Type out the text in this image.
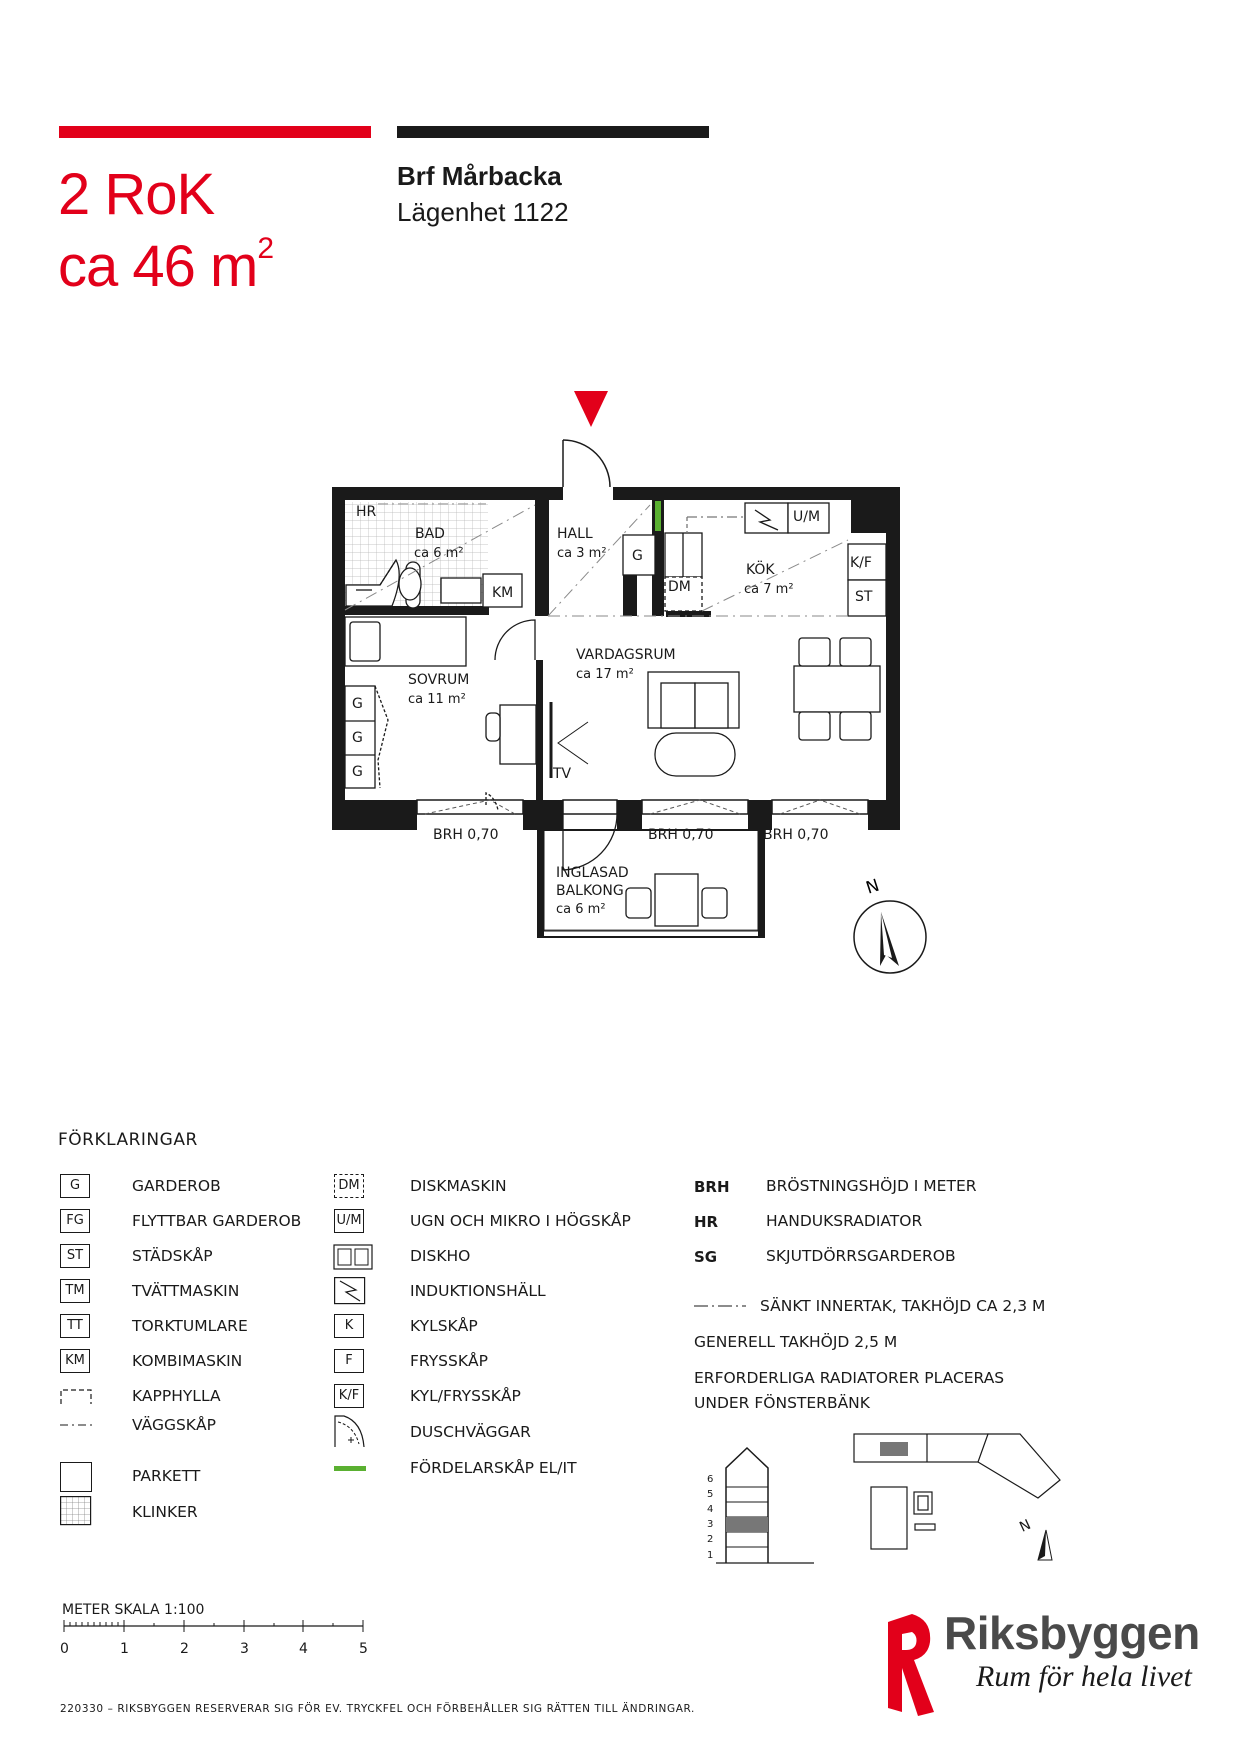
2 RoK
ca 46 $m^2$
Brf Mårbacka
Lägenhet 1122
HR
BAD
ca 6 m²
KM
HALL
ca 3 m² G
DM
U/M
K/F
ST
KÖK
ca 7 m²
SOVRUM
ca 11 m²
G
G
G
VARDAGSRUM
ca 17 m²
TV
BRH 0,70	BRH 0,70	BRH 0,70
INGLASAD
BALKONG
ca 6 m²
N
FÖRKLARINGAR
G	GARDEROB
FG	FLYTTBAR GARDEROB
ST	STÄDSKÅP
TM	TVÄTTMASKIN
TT	TORKTUMLARE
KM	KOMBIMASKIN
KAPPHYLLA
VÄGGSKÅP
PARKETT
KLINKER
DM	DISKMASKIN
U/M	UGN OCH MIKRO I HÖGSKÅP
DISKHO
INDUKTIONSHÄLL
K	KYLSKÅP
F	FRYSSKÅP
K/F	KYL/FRYSSKÅP
DUSCHVÄGGAR
FÖRDELARSKÅP EL/IT
BRH BRÖSTNINGSHÖJD I METER
HR	HANDUKSRADIATOR
SG	SKJUTDÖRRSGARDEROB
SÄNKT INNERTAK, TAKHÖJD CA 2,3 M
GENERELL TAKHÖJD 2,5 M
ERFORDERLIGA RADIATORER PLACERAS
UNDER FÖNSTERBÄNK
6
5
4
3
2
1
N
METER SKALA 1:100
0	1	2	3	4	5
220330 – RIKSBYGGEN RESERVERAR SIG FÖR EV. TRYCKFEL OCH FÖRBEHÅLLER SIG RÄTTEN TILL ÄNDRINGAR.
Riksbyggen
Rum för hela livet
